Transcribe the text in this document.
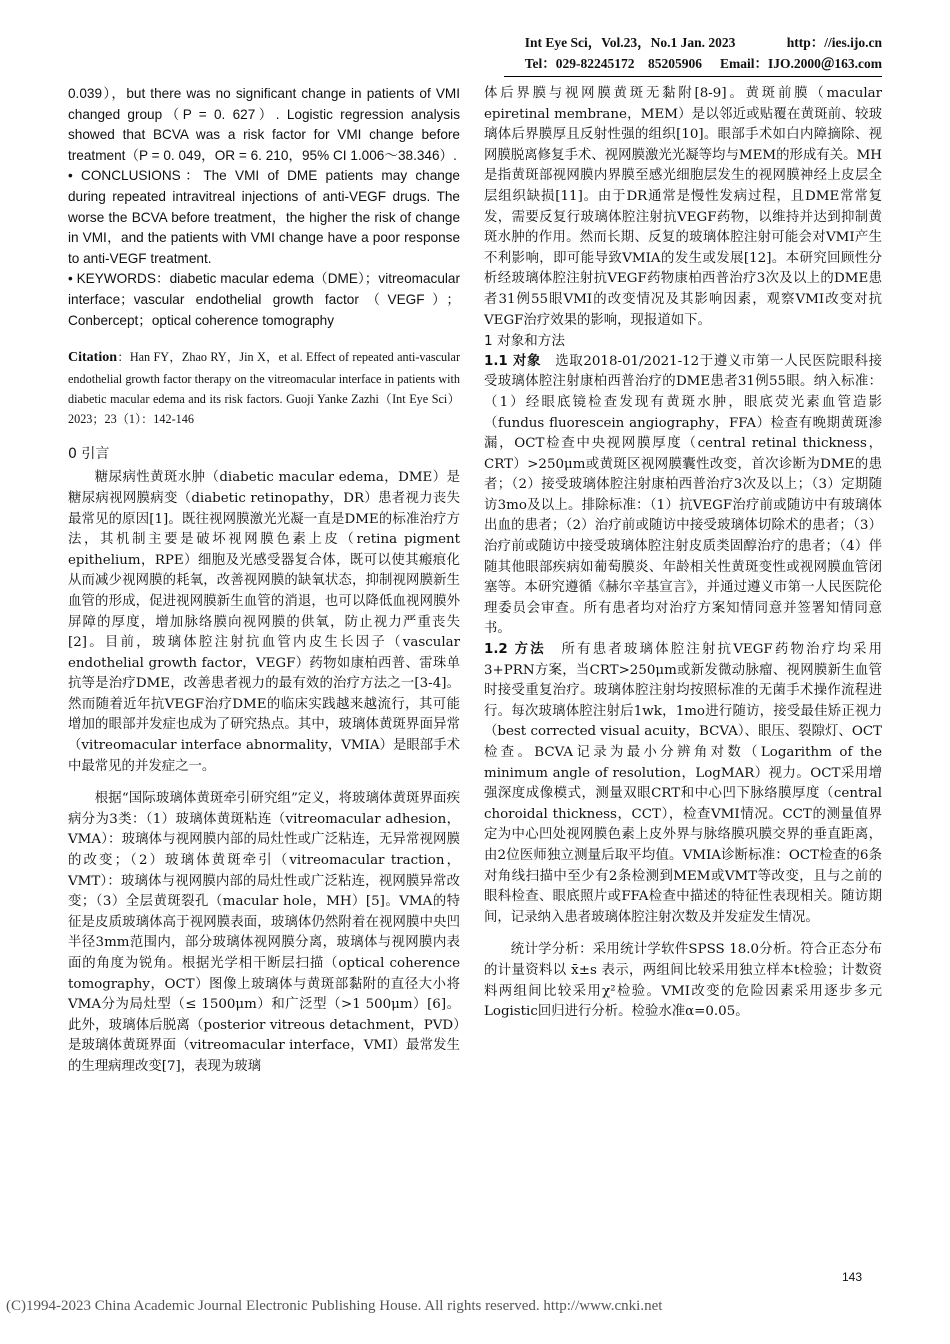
Int Eye Sci，Vol.23，No.1 Jan. 2023	http：//ies.ijo.cn
Tel：029-82245172　85205906 Email：IJO.2000＠163.com

0.039），but there was no significant change in patients of VMI changed group（P = 0. 627）. Logistic regression analysis showed that BCVA was a risk factor for VMI change before treatment（P = 0. 049，OR = 6. 210，95% CI 1.006～38.346）.

• CONCLUSIONS：The VMI of DME patients may change during repeated intravitreal injections of anti-VEGF drugs. The worse the BCVA before treatment，the higher the risk of change in VMI，and the patients with VMI change have a poor response to anti-VEGF treatment.

• KEYWORDS：diabetic macular edema（DME）；vitreomacular interface；vascular endothelial growth factor（VEGF）；Conbercept；optical coherence tomography

Citation：Han FY，Zhao RY，Jin X，et al. Effect of repeated anti-vascular endothelial growth factor therapy on the vitreomacular interface in patients with diabetic macular edema and its risk factors. Guoji Yanke Zazhi（Int Eye Sci）2023；23（1）：142-146
0 引言

糖尿病性黄斑水肿（diabetic macular edema，DME）是糖尿病视网膜病变（diabetic retinopathy，DR）患者视力丧失最常见的原因[1]。既往视网膜激光光凝一直是DME的标准治疗方法，其机制主要是破坏视网膜色素上皮（retina pigment epithelium，RPE）细胞及光感受器复合体，既可以使其瘢痕化从而减少视网膜的耗氧，改善视网膜的缺氧状态，抑制视网膜新生血管的形成，促进视网膜新生血管的消退，也可以降低血视网膜外屏障的厚度，增加脉络膜向视网膜的供氧，防止视力严重丧失[2]。目前，玻璃体腔注射抗血管内皮生长因子（vascular endothelial growth factor，VEGF）药物如康柏西普、雷珠单抗等是治疗DME，改善患者视力的最有效的治疗方法之一[3-4]。然而随着近年抗VEGF治疗DME的临床实践越来越流行，其可能增加的眼部并发症也成为了研究热点。其中，玻璃体黄斑界面异常（vitreomacular interface abnormality，VMIA）是眼部手术中最常见的并发症之一。

根据“国际玻璃体黄斑牵引研究组”定义，将玻璃体黄斑界面疾病分为3类：（1）玻璃体黄斑粘连（vitreomacular adhesion，VMA）：玻璃体与视网膜内部的局灶性或广泛粘连，无异常视网膜的改变；（2）玻璃体黄斑牵引（vitreomacular traction，VMT）：玻璃体与视网膜内部的局灶性或广泛粘连，视网膜异常改变；（3）全层黄斑裂孔（macular hole，MH）[5]。VMA的特征是皮质玻璃体高于视网膜表面，玻璃体仍然附着在视网膜中央凹半径3mm范围内，部分玻璃体视网膜分离，玻璃体与视网膜内表面的角度为锐角。根据光学相干断层扫描（optical coherence tomography，OCT）图像上玻璃体与黄斑部黏附的直径大小将VMA分为局灶型（≤ 1500μm）和广泛型（>1 500μm）[6]。此外，玻璃体后脱离（posterior vitreous detachment，PVD）是玻璃体黄斑界面（vitreomacular interface，VMI）最常发生的生理病理改变[7]，表现为玻璃

体后界膜与视网膜黄斑无黏附[8-9]。黄斑前膜（macular epiretinal membrane，MEM）是以邻近或贴覆在黄斑前、较玻璃体后界膜厚且反射性强的组织[10]。眼部手术如白内障摘除、视网膜脱离修复手术、视网膜激光光凝等均与MEM的形成有关。MH是指黄斑部视网膜内界膜至感光细胞层发生的视网膜神经上皮层全层组织缺损[11]。由于DR通常是慢性发病过程，且DME常常复发，需要反复行玻璃体腔注射抗VEGF药物，以维持并达到抑制黄斑水肿的作用。然而长期、反复的玻璃体腔注射可能会对VMI产生不利影响，即可能导致VMIA的发生或发展[12]。本研究回顾性分析经玻璃体腔注射抗VEGF药物康柏西普治疗3次及以上的DME患者31例55眼VMI的改变情况及其影响因素，观察VMI改变对抗VEGF治疗效果的影响，现报道如下。

1 对象和方法

1.1 对象　 选取2018-01/2021-12于遵义市第一人民医院眼科接受玻璃体腔注射康柏西普治疗的DME患者31例55眼。纳入标准：（1）经眼底镜检查发现有黄斑水肿，眼底荧光素血管造影（fundus fluorescein angiography，FFA）检查有晚期黄斑渗漏，OCT检查中央视网膜厚度（central retinal thickness，CRT）>250μm或黄斑区视网膜囊性改变，首次诊断为DME的患者；（2）接受玻璃体腔注射康柏西普治疗3次及以上；（3）定期随访3mo及以上。排除标准：（1）抗VEGF治疗前或随访中有玻璃体出血的患者；（2）治疗前或随访中接受玻璃体切除术的患者；（3）治疗前或随访中接受玻璃体腔注射皮质类固醇治疗的患者；（4）伴随其他眼部疾病如葡萄膜炎、年龄相关性黄斑变性或视网膜血管闭塞等。本研究遵循《赫尔辛基宣言》，并通过遵义市第一人民医院伦理委员会审查。所有患者均对治疗方案知情同意并签署知情同意书。

1.2 方法　 所有患者玻璃体腔注射抗VEGF药物治疗均采用3+PRN方案，当CRT>250μm或新发微动脉瘤、视网膜新生血管时接受重复治疗。玻璃体腔注射均按照标准的无菌手术操作流程进行。每次玻璃体腔注射后1wk，1mo进行随访，接受最佳矫正视力（best corrected visual acuity，BCVA）、眼压、裂隙灯、OCT检查。BCVA记录为最小分辨角对数（Logarithm of the minimum angle of resolution，LogMAR）视力。OCT采用增强深度成像模式，测量双眼CRT和中心凹下脉络膜厚度（central choroidal thickness，CCT），检查VMI情况。CCT的测量值界定为中心凹处视网膜色素上皮外界与脉络膜巩膜交界的垂直距离，由2位医师独立测量后取平均值。VMIA诊断标准：OCT检查的6条对角线扫描中至少有2条检测到MEM或VMT等改变，且与之前的眼科检查、眼底照片或FFA检查中描述的特征性表现相关。随访期间，记录纳入患者玻璃体腔注射次数及并发症发生情况。

统计学分析：采用统计学软件SPSS 18.0分析。符合正态分布的计量资料以 x̄±s 表示，两组间比较采用独立样本t检验；计数资料两组间比较采用χ²检验。VMI改变的危险因素采用逐步多元Logistic回归进行分析。检验水准α=0.05。

143
(C)1994-2023 China Academic Journal Electronic Publishing House. All rights reserved. http://www.cnki.net
